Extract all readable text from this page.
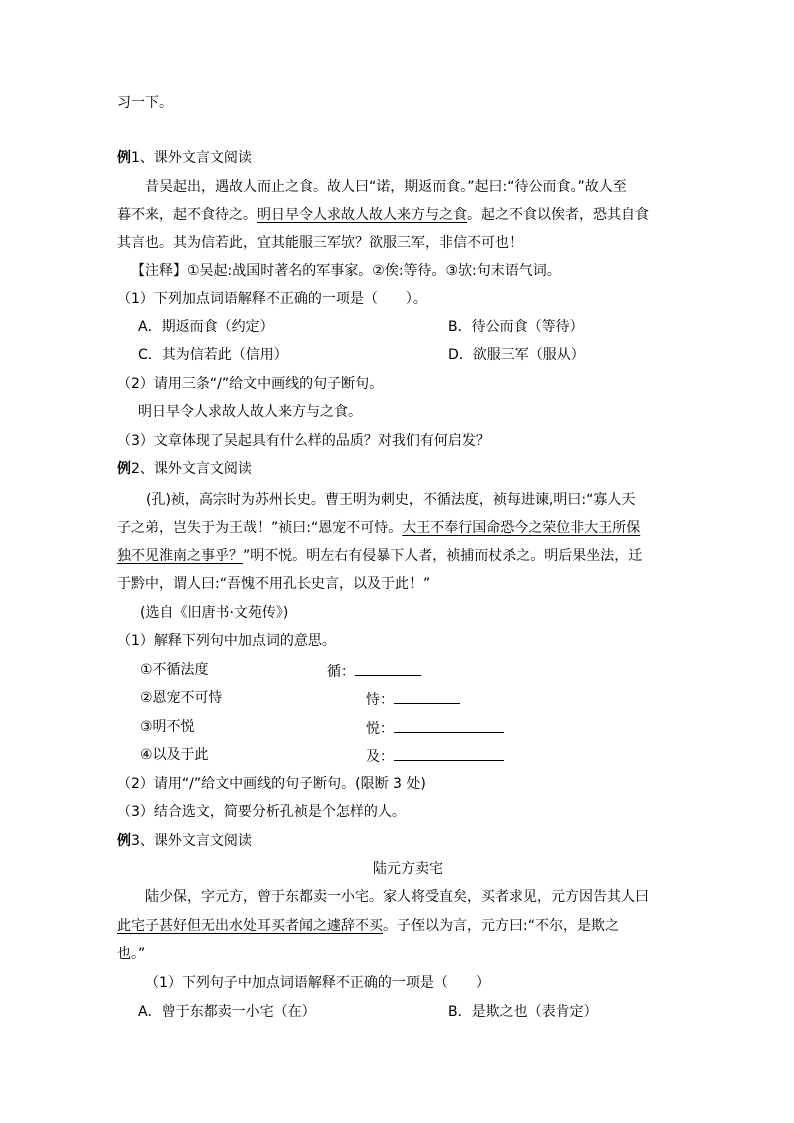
习一下。
例1、课外文言文阅读
昔吴起出，遇故人而止之食。故人曰“诺，期返而食。”起曰:“待公而食。”故人至
暮不来，起不食待之。明日早令人求故人故人来方与之食。起之不食以俟者，恐其自食
其言也。其为信若此，宜其能服三军欤？欲服三军，非信不可也！
【注释】①吴起:战国时著名的军事家。②俟:等待。③欤:句末语气词。
（1）下列加点词语解释不正确的一项是（　　）。
A．期返而食（约定）	B．待公而食（等待）
C．其为信若此（信用）	D．欲服三军（服从）
（2）请用三条“/”给文中画线的句子断句。
明日早令人求故人故人来方与之食。
（3）文章体现了吴起具有什么样的品质？对我们有何启发？
例2、课外文言文阅读
(孔)祯，高宗时为苏州长史。曹王明为刺史，不循法度，祯每进谏,明曰:“寡人天
子之弟，岂失于为王哉！”祯曰:“恩宠不可恃。大王不奉行国命恐今之荣位非大王所保
独不见淮南之事乎？”明不悦。明左右有侵暴下人者，祯捕而杖杀之。明后果坐法，迁
于黔中，谓人曰:“吾愧不用孔长史言，以及于此！”
(选自《旧唐书·文苑传》)
（1）解释下列句中加点词的意思。
①不循法度	循：
②恩宠不可恃	恃：
③明不悦	悦：
④以及于此	及：
（2）请用“/”给文中画线的句子断句。(限断 3 处)
（3）结合选文，简要分析孔祯是个怎样的人。
例3、课外文言文阅读
陆元方卖宅
陆少保，字元方，曾于东都卖一小宅。家人将受直矣，买者求见，元方因告其人曰
此宅子甚好但无出水处耳买者闻之遽辞不买。子侄以为言，元方曰:“不尔，是欺之
也。”
（1）下列句子中加点词语解释不正确的一项是（　　）
A．曾于东都卖一小宅（在）	B．是欺之也（表肯定）
